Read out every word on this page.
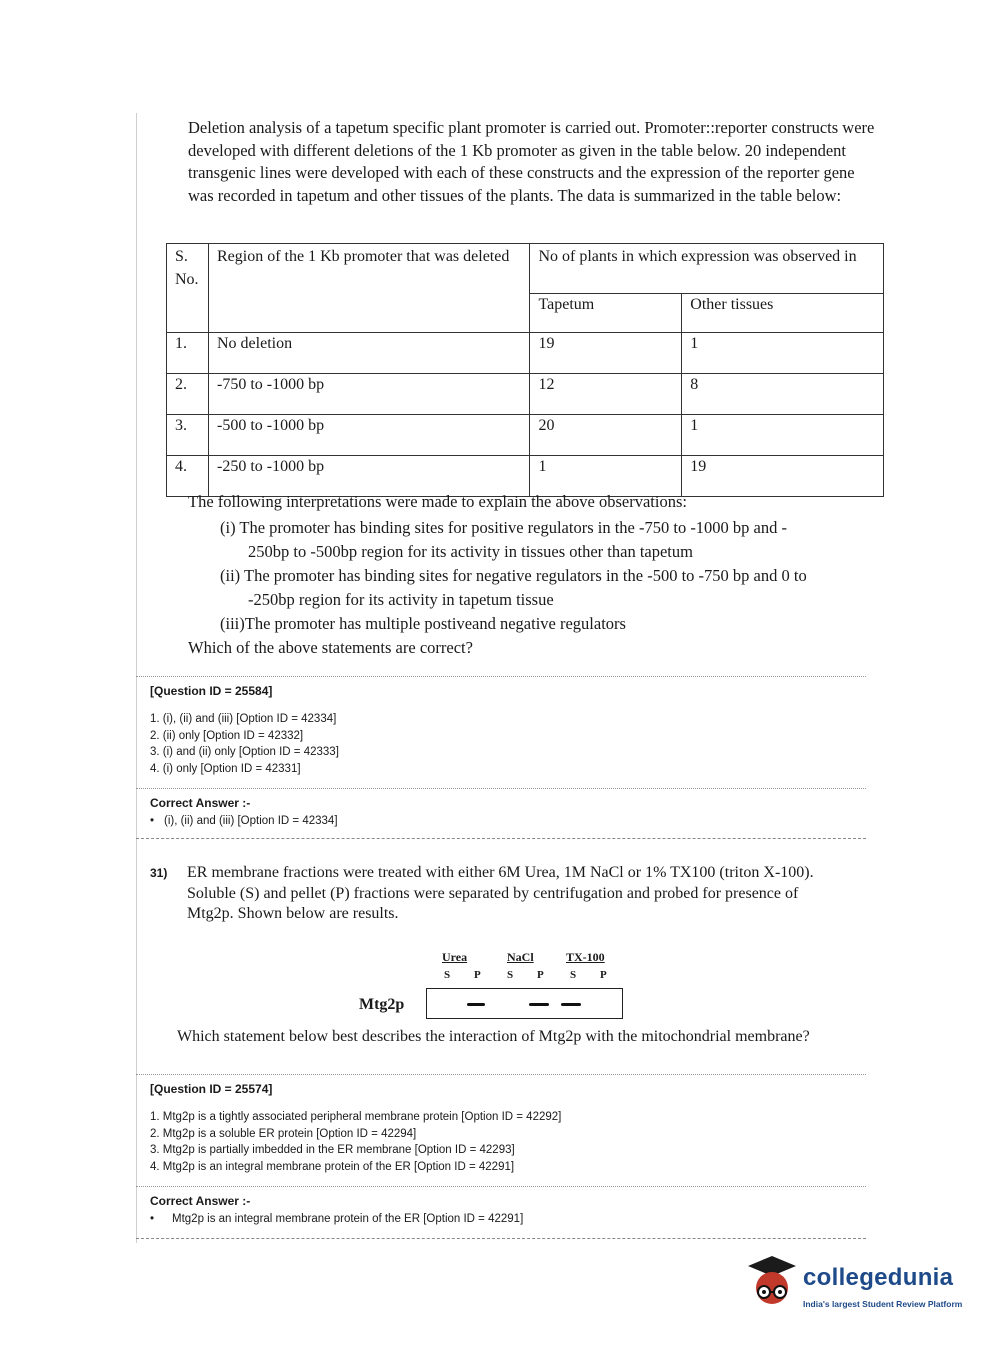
Deletion analysis of a tapetum specific plant promoter is carried out. Promoter::reporter constructs were developed with different deletions of the 1 Kb promoter as given in the table below. 20 independent transgenic lines were developed with each of these constructs and the expression of the reporter gene was recorded in tapetum and other tissues of the plants. The data is summarized in the table below:
S. No.	Region of the 1 Kb promoter that was deleted	No of plants in which expression was observed in	
		Tapetum	Other tissues
1.	No deletion	19	1
2.	-750 to -1000 bp	12	8
3.	-500 to -1000 bp	20	1
4.	-250 to -1000 bp	1	19
The following interpretations were made to explain the above observations:
(i) The promoter has binding sites for positive regulators in the -750 to -1000 bp and -
250bp to -500bp region for its activity in tissues other than tapetum
(ii) The promoter has binding sites for negative regulators in the -500 to -750 bp and 0 to
-250bp region for its activity in tapetum tissue
(iii)The promoter has multiple postiveand negative regulators
Which of the above statements are correct?
[Question ID = 25584]
1. (i), (ii) and (iii) [Option ID = 42334]
2. (ii) only [Option ID = 42332]
3. (i) and (ii) only [Option ID = 42333]
4. (i) only [Option ID = 42331]
Correct Answer :-
• (i), (ii) and (iii) [Option ID = 42334]
31) ER membrane fractions were treated with either 6M Urea, 1M NaCl or 1% TX100 (triton X-100). Soluble (S) and pellet (P) fractions were separated by centrifugation and probed for presence of Mtg2p. Shown below are results.
Urea	NaCl	TX-100
S P S P S P
Mtg2p
Which statement below best describes the interaction of Mtg2p with the mitochondrial membrane?
[Question ID = 25574]
1. Mtg2p is a tightly associated peripheral membrane protein [Option ID = 42292]
2. Mtg2p is a soluble ER protein [Option ID = 42294]
3. Mtg2p is partially imbedded in the ER membrane [Option ID = 42293]
4. Mtg2p is an integral membrane protein of the ER [Option ID = 42291]
Correct Answer :-
• Mtg2p is an integral membrane protein of the ER [Option ID = 42291]
collegedunia
India's largest Student Review Platform
